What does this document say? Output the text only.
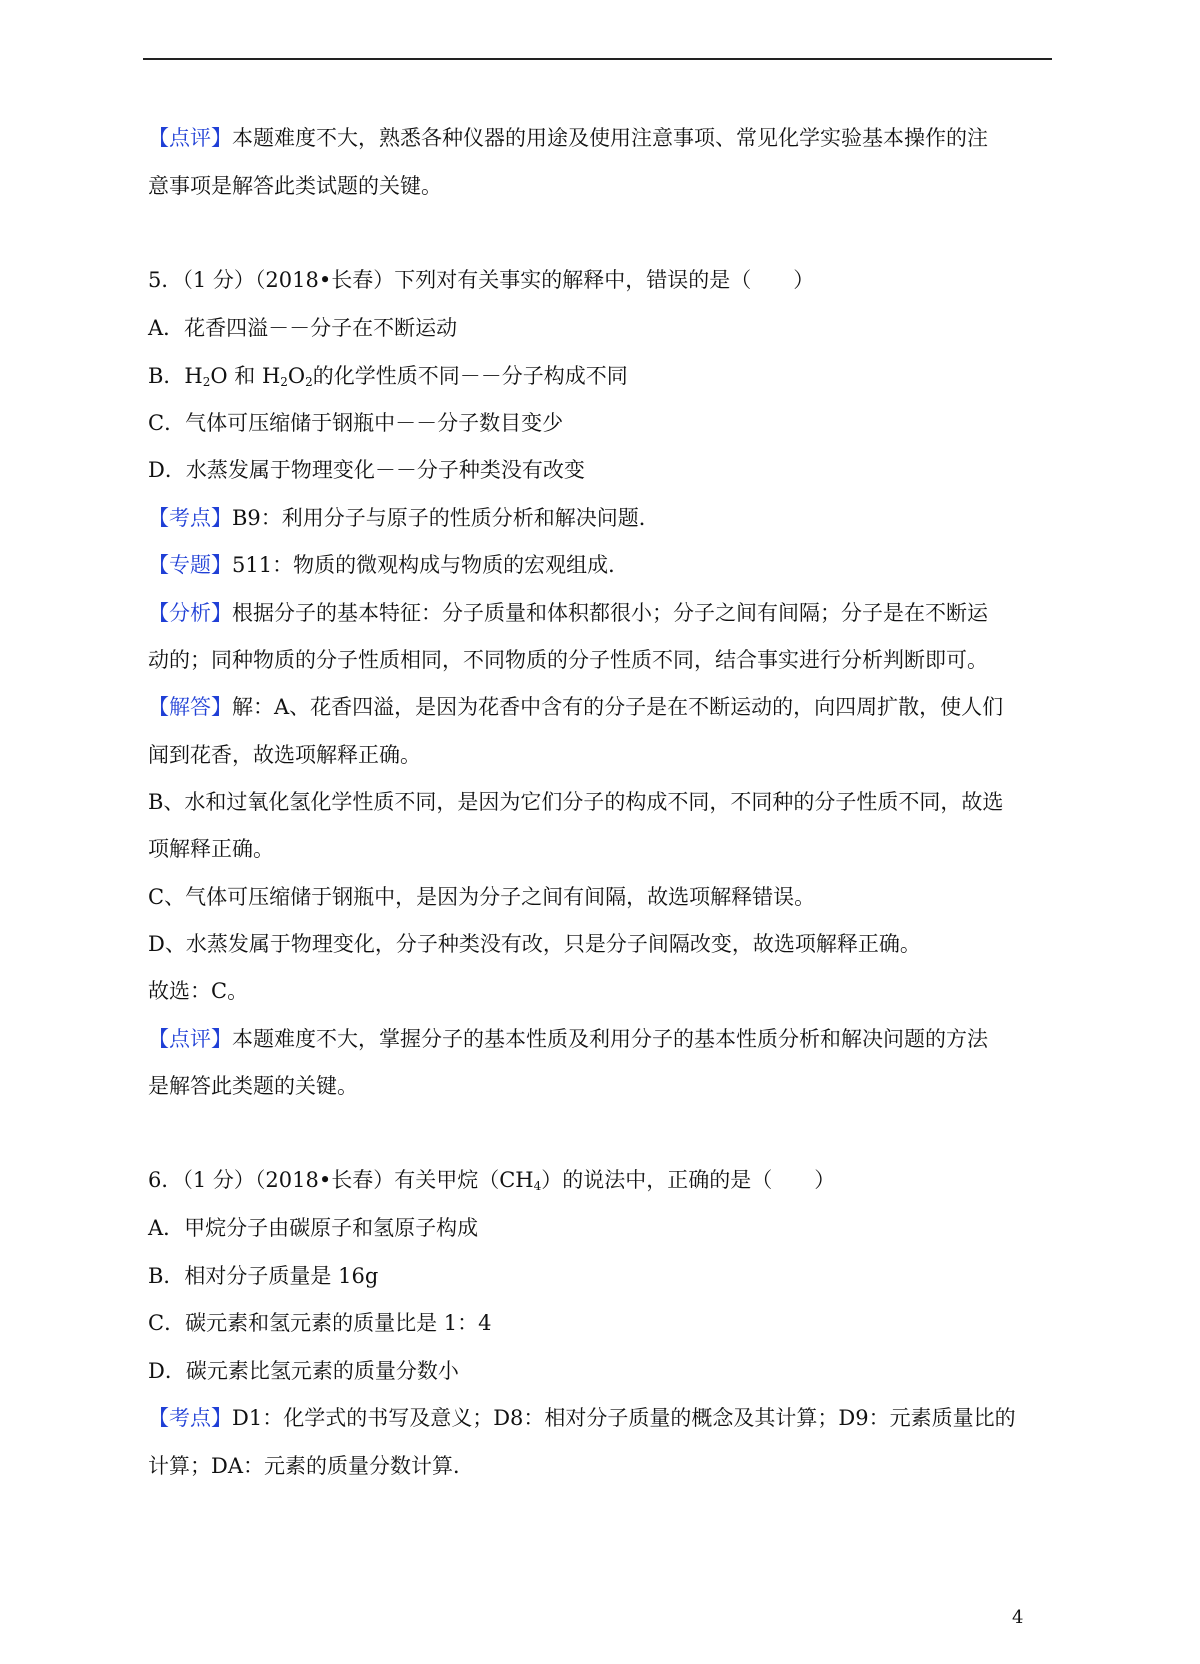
【点评】本题难度不大，熟悉各种仪器的用途及使用注意事项、常见化学实验基本操作的注
意事项是解答此类试题的关键。
5．（1 分）（2018•长春）下列对有关事实的解释中，错误的是（　　）
A．花香四溢－－分子在不断运动
B．$H_2O$ 和 $H_2O_2$的化学性质不同－－分子构成不同
C．气体可压缩储于钢瓶中－－分子数目变少
D．水蒸发属于物理变化－－分子种类没有改变
【考点】B9：利用分子与原子的性质分析和解决问题．
【专题】511：物质的微观构成与物质的宏观组成．
【分析】根据分子的基本特征：分子质量和体积都很小；分子之间有间隔；分子是在不断运
动的；同种物质的分子性质相同，不同物质的分子性质不同，结合事实进行分析判断即可。
【解答】解：A、花香四溢，是因为花香中含有的分子是在不断运动的，向四周扩散，使人们
闻到花香，故选项解释正确。
B、水和过氧化氢化学性质不同，是因为它们分子的构成不同，不同种的分子性质不同，故选
项解释正确。
C、气体可压缩储于钢瓶中，是因为分子之间有间隔，故选项解释错误。
D、水蒸发属于物理变化，分子种类没有改，只是分子间隔改变，故选项解释正确。
故选：C。
【点评】本题难度不大，掌握分子的基本性质及利用分子的基本性质分析和解决问题的方法
是解答此类题的关键。
6．（1 分）（2018•长春）有关甲烷$(CH_4)$的说法中，正确的是（　　）
A．甲烷分子由碳原子和氢原子构成
B．相对分子质量是 16g
C．碳元素和氢元素的质量比是 1：4
D．碳元素比氢元素的质量分数小
【考点】D1：化学式的书写及意义；D8：相对分子质量的概念及其计算；D9：元素质量比的
计算；DA：元素的质量分数计算．
4
